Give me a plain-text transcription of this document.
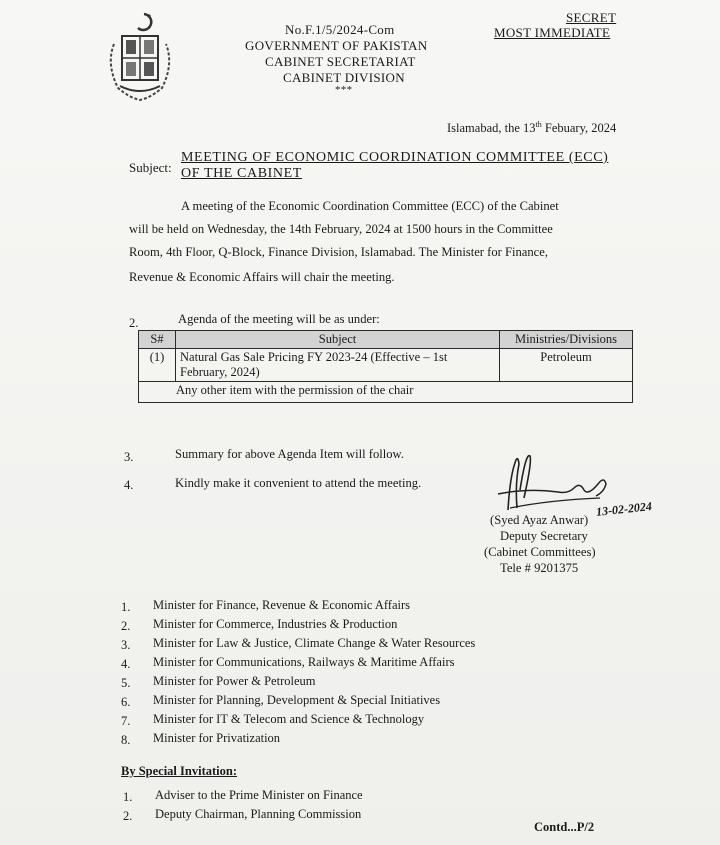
No.F.1/5/2024-Com
GOVERNMENT OF PAKISTAN
CABINET SECRETARIAT
CABINET DIVISION
***
SECRET
MOST IMMEDIATE
Islamabad, the 13th Febuary, 2024
Subject:
MEETING OF ECONOMIC COORDINATION COMMITTEE (ECC)
OF THE CABINET
A meeting of the Economic Coordination Committee (ECC) of the Cabinet
will be held on Wednesday, the 14th February, 2024 at 1500 hours in the Committee
Room, 4th Floor, Q-Block, Finance Division, Islamabad. The Minister for Finance,
Revenue & Economic Affairs will chair the meeting.
2.	Agenda of the meeting will be as under:
S#	Subject	Ministries/Divisions
(1)	Natural Gas Sale Pricing FY 2023-24 (Effective – 1st
February, 2024)	Petroleum
Any other item with the permission of the chair		
3.	Summary for above Agenda Item will follow.
4.	Kindly make it convenient to attend the meeting.
13-02-2024
(Syed Ayaz Anwar)
Deputy Secretary
(Cabinet Committees)
Tele # 9201375
1. Minister for Finance, Revenue & Economic Affairs
2. Minister for Commerce, Industries & Production
3. Minister for Law & Justice, Climate Change & Water Resources
4. Minister for Communications, Railways & Maritime Affairs
5. Minister for Power & Petroleum
6. Minister for Planning, Development & Special Initiatives
7. Minister for IT & Telecom and Science & Technology
8. Minister for Privatization
By Special Invitation:
1. Adviser to the Prime Minister on Finance
2. Deputy Chairman, Planning Commission
Contd...P/2
